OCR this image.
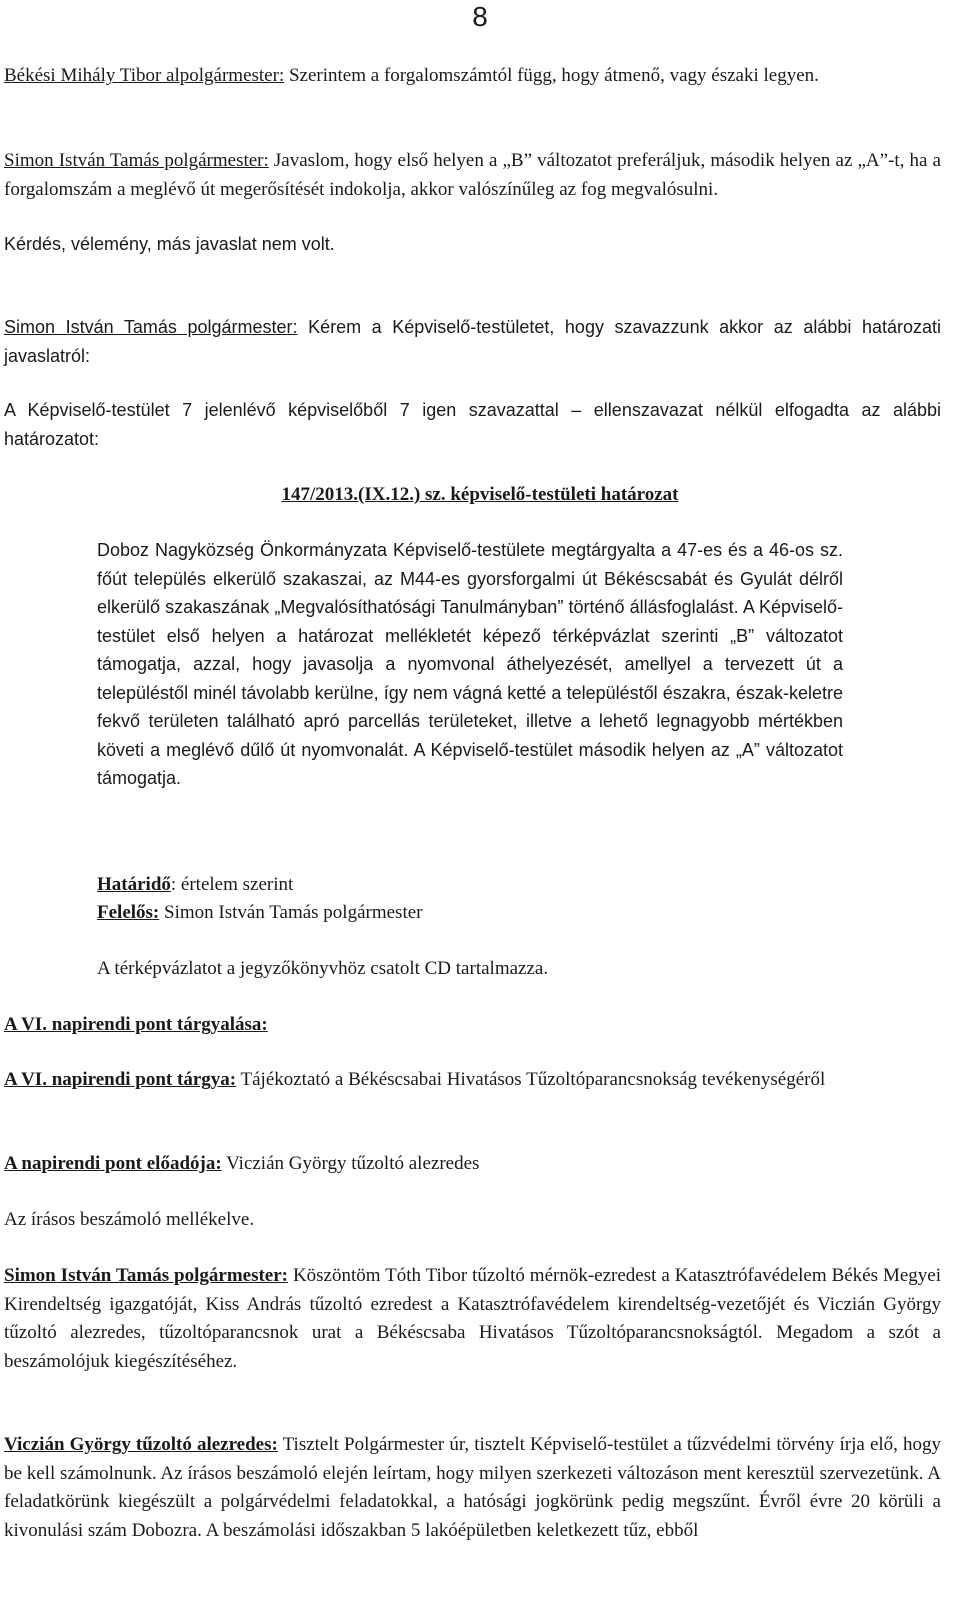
8

Békési Mihály Tibor alpolgármester: Szerintem a forgalomszámtól függ, hogy átmenő, vagy északi legyen.

Simon István Tamás polgármester: Javaslom, hogy első helyen a „B” változatot preferáljuk, második helyen az „A”-t, ha a forgalomszám a meglévő út megerősítését indokolja, akkor valószínűleg az fog megvalósulni.

Kérdés, vélemény, más javaslat nem volt.

Simon István Tamás polgármester: Kérem a Képviselő-testületet, hogy szavazzunk akkor az alábbi határozati javaslatról:

A Képviselő-testület 7 jelenlévő képviselőből 7 igen szavazattal – ellenszavazat nélkül elfogadta az alábbi határozatot:

147/2013.(IX.12.) sz. képviselő-testületi határozat

Doboz Nagyközség Önkormányzata Képviselő-testülete megtárgyalta a 47-es és a 46-os sz. főút település elkerülő szakaszai, az M44-es gyorsforgalmi út Békéscsabát és Gyulát délről elkerülő szakaszának „Megvalósíthatósági Tanulmányban” történő állásfoglalást. A Képviselő-testület első helyen a határozat mellékletét képező térképvázlat szerinti „B” változatot támogatja, azzal, hogy javasolja a nyomvonal áthelyezését, amellyel a tervezett út a településtől minél távolabb kerülne, így nem vágná ketté a településtől északra, észak-keletre fekvő területen található apró parcellás területeket, illetve a lehető legnagyobb mértékben követi a meglévő dűlő út nyomvonalát. A Képviselő-testület második helyen az „A” változatot támogatja.

Határidő: értelem szerint

Felelős: Simon István Tamás polgármester

A térképvázlatot a jegyzőkönyvhöz csatolt CD tartalmazza.

A VI. napirendi pont tárgyalása:

A VI. napirendi pont tárgya: Tájékoztató a Békéscsabai Hivatásos Tűzoltóparancsnokság tevékenységéről

A napirendi pont előadója: Viczián György tűzoltó alezredes

Az írásos beszámoló mellékelve.

Simon István Tamás polgármester: Köszöntöm Tóth Tibor tűzoltó mérnök-ezredest a Katasztrófavédelem Békés Megyei Kirendeltség igazgatóját, Kiss András tűzoltó ezredest a Katasztrófavédelem kirendeltség-vezetőjét és Viczián György tűzoltó alezredes, tűzoltóparancsnok urat a Békéscsaba Hivatásos Tűzoltóparancsnokságtól. Megadom a szót a beszámolójuk kiegészítéséhez.

Viczián György tűzoltó alezredes: Tisztelt Polgármester úr, tisztelt Képviselő-testület a tűzvédelmi törvény írja elő, hogy be kell számolnunk. Az írásos beszámoló elején leírtam, hogy milyen szerkezeti változáson ment keresztül szervezetünk. A feladatkörünk kiegészült a polgárvédelmi feladatokkal, a hatósági jogkörünk pedig megszűnt. Évről évre 20 körüli a kivonulási szám Dobozra. A beszámolási időszakban 5 lakóépületben keletkezett tűz, ebből
